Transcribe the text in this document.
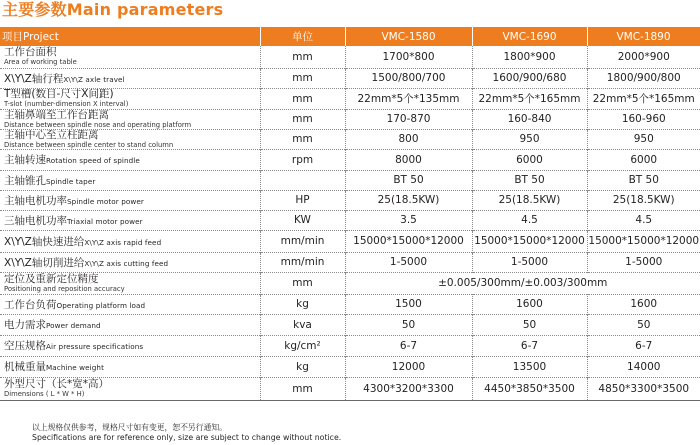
主要参数Main parameters
项目Project	单位	VMC-1580	VMC-1690	VMC-1890
工作台面积
Area of working table	mm	1700*800	1800*900	2000*900
X\Y\Z轴行程X\Y\Z axle travel	mm	1500/800/700	1600/900/680	1800/900/800
T型槽(数目-尺寸X间距)
T-slot (number-dimension X interval)	mm	22mm*5个*135mm	22mm*5个*165mm	22mm*5个*165mm
主轴鼻端至工作台距离
Distance between spindle nose and operating platform	mm	170-870	160-840	160-960
主轴中心至立柱距离
Distance between spindle center to stand column	mm	800	950	950
主轴转速Rotation speed of spindle	rpm	8000	6000	6000
主轴锥孔Spindle taper		BT 50	BT 50	BT 50
主轴电机功率Spindle motor power	HP	25(18.5KW)	25(18.5KW)	25(18.5KW)
三轴电机功率Triaxial motor power	KW	3.5	4.5	4.5
X\Y\Z轴快速进给X\Y\Z axis rapid feed	mm/min	15000*15000*12000	15000*15000*12000	15000*15000*12000
X\Y\Z轴切削进给X\Y\Z axis cutting feed	mm/min	1-5000	1-5000	1-5000
定位及重新定位精度
Positioning and reposition accuracy	mm	±0.005/300mm/±0.003/300mm		
工作台负荷Operating platform load	kg	1500	1600	1600
电力需求Power demand	kva	50	50	50
空压规格Air pressure specifications	kg/cm²	6-7	6-7	6-7
机械重量Machine weight	kg	12000	13500	14000
外型尺寸（长*宽*高）
Dimensions ( L * W * H)	mm	4300*3200*3300	4450*3850*3500	4850*3300*3500
以上规格仅供参考，规格尺寸如有变更，恕不另行通知。
Specifications are for reference only, size are subject to change without notice.
